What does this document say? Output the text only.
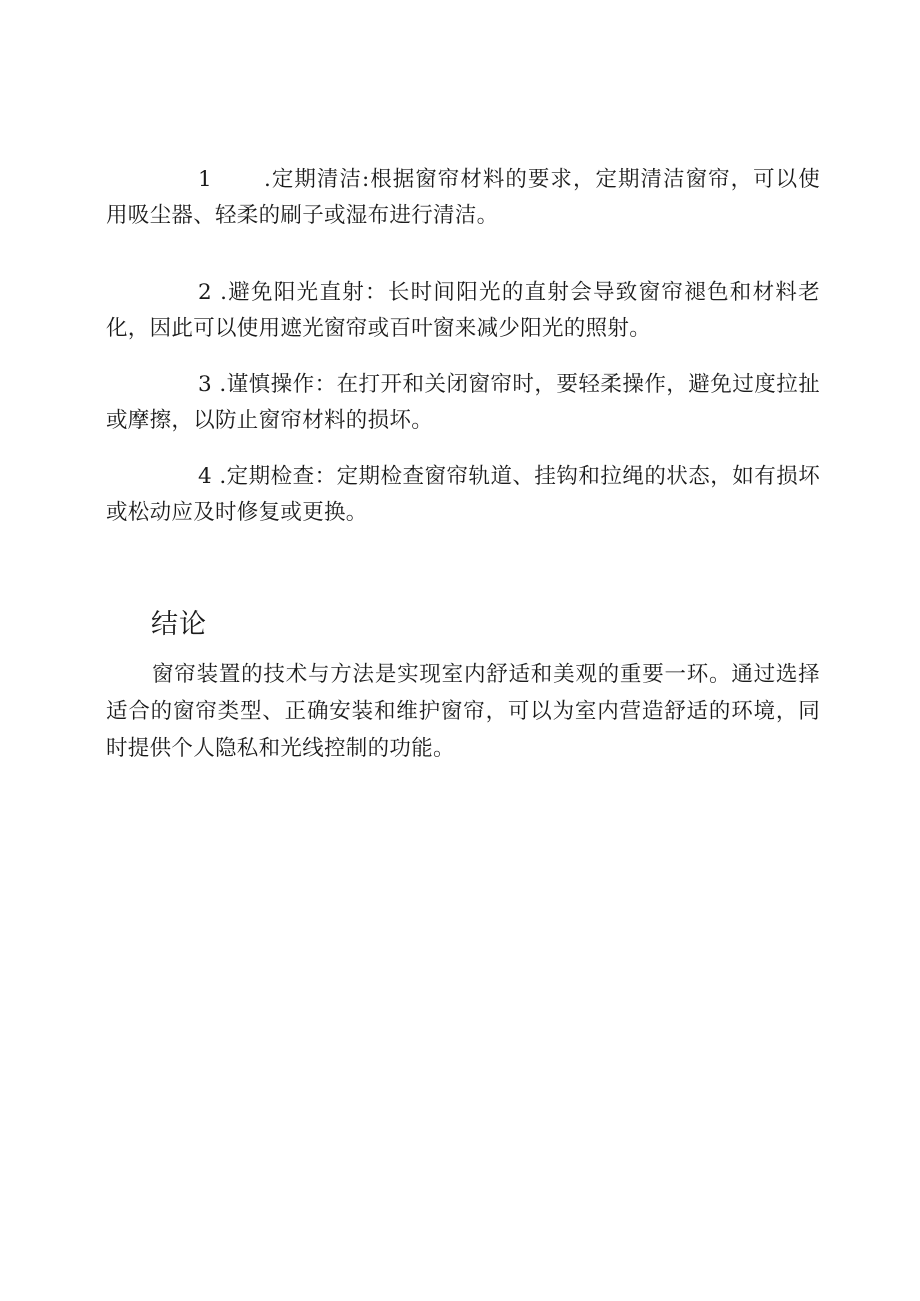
1 .定期清洁:根据窗帘材料的要求，定期清洁窗帘，可以使用吸尘器、轻柔的刷子或湿布进行清洁。

2 .避免阳光直射：长时间阳光的直射会导致窗帘褪色和材料老化，因此可以使用遮光窗帘或百叶窗来减少阳光的照射。

3 .谨慎操作：在打开和关闭窗帘时，要轻柔操作，避免过度拉扯或摩擦，以防止窗帘材料的损坏。

4 .定期检查：定期检查窗帘轨道、挂钩和拉绳的状态，如有损坏或松动应及时修复或更换。

结论

窗帘装置的技术与方法是实现室内舒适和美观的重要一环。通过选择适合的窗帘类型、正确安装和维护窗帘，可以为室内营造舒适的环境，同时提供个人隐私和光线控制的功能。
